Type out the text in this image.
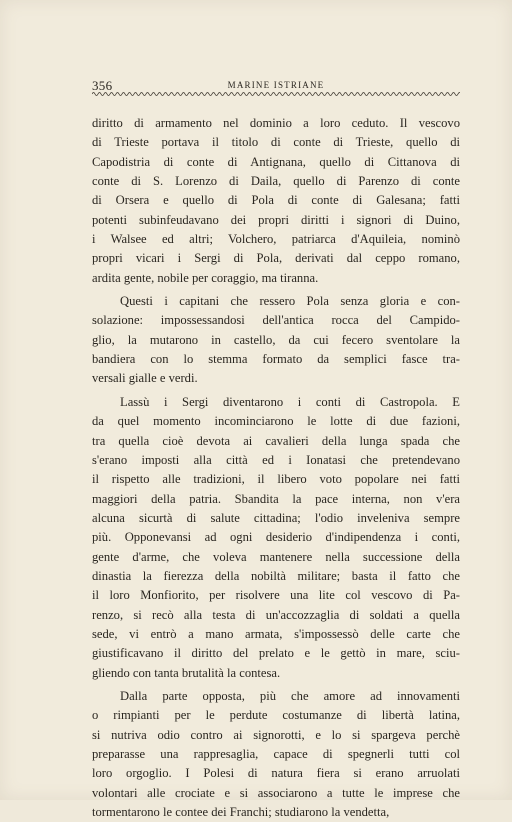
356	MARINE ISTRIANE
diritto di armamento nel dominio a loro ceduto. Il vescovo
di Trieste portava il titolo di conte di Trieste, quello di
Capodistria di conte di Antignana, quello di Cittanova di
conte di S. Lorenzo di Daila, quello di Parenzo di conte
di Orsera e quello di Pola di conte di Galesana; fatti
potenti subinfeudavano dei propri diritti i signori di Duino,
i Walsee ed altri; Volchero, patriarca d'Aquileia, nominò
propri vicari i Sergi di Pola, derivati dal ceppo romano,
ardita gente, nobile per coraggio, ma tiranna.
Questi i capitani che ressero Pola senza gloria e con-
solazione: impossessandosi dell'antica rocca del Campido-
glio, la mutarono in castello, da cui fecero sventolare la
bandiera con lo stemma formato da semplici fasce tra-
versali gialle e verdi.
Lassù i Sergi diventarono i conti di Castropola. E
da quel momento incominciarono le lotte di due fazioni,
tra quella cioè devota ai cavalieri della lunga spada che
s'erano imposti alla città ed i Ionatasi che pretendevano
il rispetto alle tradizioni, il libero voto popolare nei fatti
maggiori della patria. Sbandita la pace interna, non v'era
alcuna sicurtà di salute cittadina; l'odio inveleniva sempre
più. Opponevansi ad ogni desiderio d'indipendenza i conti,
gente d'arme, che voleva mantenere nella successione della
dinastia la fierezza della nobiltà militare; basta il fatto che
il loro Monfiorito, per risolvere una lite col vescovo di Pa-
renzo, si recò alla testa di un'accozzaglia di soldati a quella
sede, vi entrò a mano armata, s'impossessò delle carte che
giustificavano il diritto del prelato e le gettò in mare, sciu-
gliendo con tanta brutalità la contesa.
Dalla parte opposta, più che amore ad innovamenti
o rimpianti per le perdute costumanze di libertà latina,
si nutriva odio contro ai signorotti, e lo si spargeva perchè
preparasse una rappresaglia, capace di spegnerli tutti col
loro orgoglio. I Polesi di natura fiera si erano arruolati
volontari alle crociate e si associarono a tutte le imprese che
tormentarono le contee dei Franchi; studiarono la vendetta,
